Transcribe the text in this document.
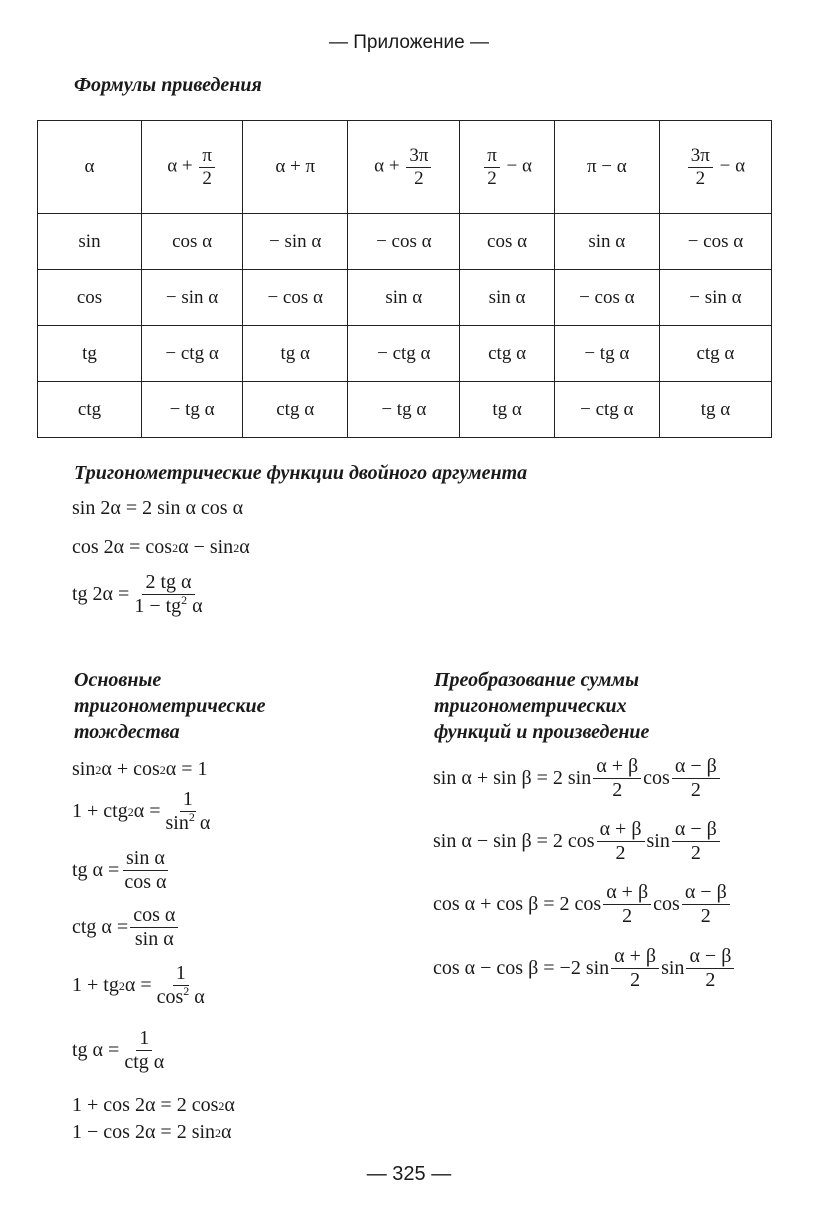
— Приложение —
Формулы приведения
α	$\alpha + \frac{\pi}{2}$	α + π	$\alpha + \frac{3\pi}{2}$	$\frac{\pi}{2} - \alpha$	π − α	$\frac{3\pi}{2} - \alpha$
sin	cos α	− sin α	− cos α	cos α	sin α	− cos α
cos	− sin α	− cos α	sin α	sin α	− cos α	− sin α
tg	− ctg α	tg α	− ctg α	ctg α	− tg α	ctg α
ctg	− tg α	ctg α	− tg α	tg α	− ctg α	tg α
Тригонометрические функции двойного аргумента
sin 2α = 2 sin α cos α
cos 2α = cos 2 α − sin 2 α
tg $2\alpha = \frac{\text{2 tg α}}{1 - tg^2 \alpha}$
Основные
тригонометрические
тождества
sin 2 α + cos 2 α = 1
1 + ctg 2 $\alpha = \frac{1}{\sin^2 \alpha}$
tg $\alpha = \frac{\text{sin α}}{\text{cos α}}$
ctg $\alpha = \frac{\text{cos α}}{\text{sin α}}$
1 + tg 2 $\alpha = \frac{1}{\cos^2 \alpha}$
tg $\alpha = \frac{1}{\text{ctg α}}$
1 + cos 2α = 2 cos 2 α
1 − cos 2α = 2 sin 2 α
Преобразование суммы
тригонометрических
функций и произведение
sin α + sin β = 2 $\sin \frac{\alpha + \beta}{2}$ $\cos \frac{\alpha - \beta}{2}$
sin α − sin β = 2 $\cos \frac{\alpha + \beta}{2}$ $\sin \frac{\alpha - \beta}{2}$
cos α + cos β = 2 $\cos \frac{\alpha + \beta}{2}$ $\cos \frac{\alpha - \beta}{2}$
cos α − cos β = −2 $\sin \frac{\alpha + \beta}{2}$ $\sin \frac{\alpha - \beta}{2}$
— 325 —
